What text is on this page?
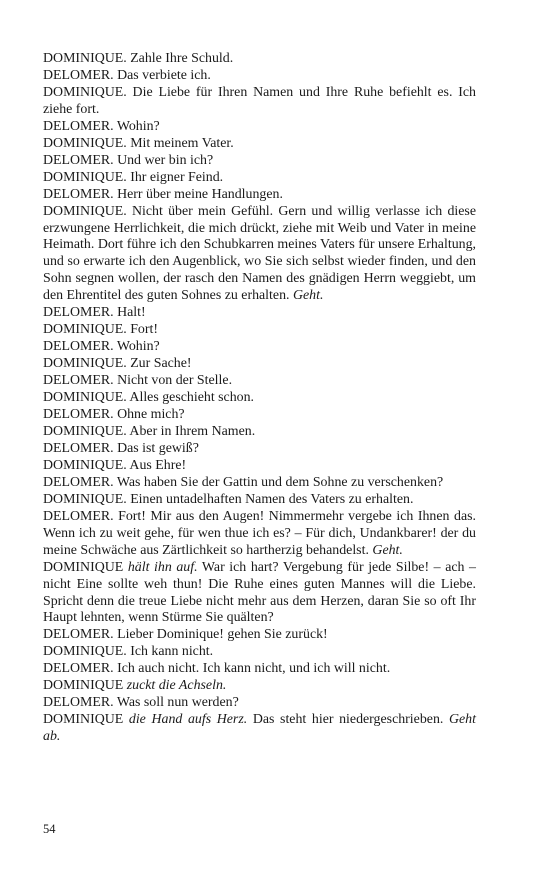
DOMINIQUE. Zahle Ihre Schuld.

DELOMER. Das verbiete ich.

DOMINIQUE. Die Liebe für Ihren Namen und Ihre Ruhe befiehlt es. Ich ziehe fort.

DELOMER. Wohin?

DOMINIQUE. Mit meinem Vater.

DELOMER. Und wer bin ich?

DOMINIQUE. Ihr eigner Feind.

DELOMER. Herr über meine Handlungen.

DOMINIQUE. Nicht über mein Gefühl. Gern und willig verlasse ich diese erzwungene Herrlichkeit, die mich drückt, ziehe mit Weib und Vater in meine Heimath. Dort führe ich den Schubkarren meines Vaters für unsere Erhaltung, und so erwarte ich den Augenblick, wo Sie sich selbst wieder finden, und den Sohn segnen wollen, der rasch den Namen des gnädigen Herrn weggiebt, um den Ehrentitel des guten Sohnes zu erhalten. Geht.

DELOMER. Halt!

DOMINIQUE. Fort!

DELOMER. Wohin?

DOMINIQUE. Zur Sache!

DELOMER. Nicht von der Stelle.

DOMINIQUE. Alles geschieht schon.

DELOMER. Ohne mich?

DOMINIQUE. Aber in Ihrem Namen.

DELOMER. Das ist gewiß?

DOMINIQUE. Aus Ehre!

DELOMER. Was haben Sie der Gattin und dem Sohne zu verschenken?

DOMINIQUE. Einen untadelhaften Namen des Vaters zu erhalten.

DELOMER. Fort! Mir aus den Augen! Nimmermehr vergebe ich Ihnen das. Wenn ich zu weit gehe, für wen thue ich es? – Für dich, Undankbarer! der du meine Schwäche aus Zärtlichkeit so hartherzig behandelst. Geht.

DOMINIQUE hält ihn auf. War ich hart? Vergebung für jede Silbe! – ach – nicht Eine sollte weh thun! Die Ruhe eines guten Mannes will die Liebe. Spricht denn die treue Liebe nicht mehr aus dem Herzen, daran Sie so oft Ihr Haupt lehnten, wenn Stürme Sie quälten?

DELOMER. Lieber Dominique! gehen Sie zurück!

DOMINIQUE. Ich kann nicht.

DELOMER. Ich auch nicht. Ich kann nicht, und ich will nicht.

DOMINIQUE zuckt die Achseln.

DELOMER. Was soll nun werden?

DOMINIQUE die Hand aufs Herz. Das steht hier niedergeschrieben. Geht ab.

54
